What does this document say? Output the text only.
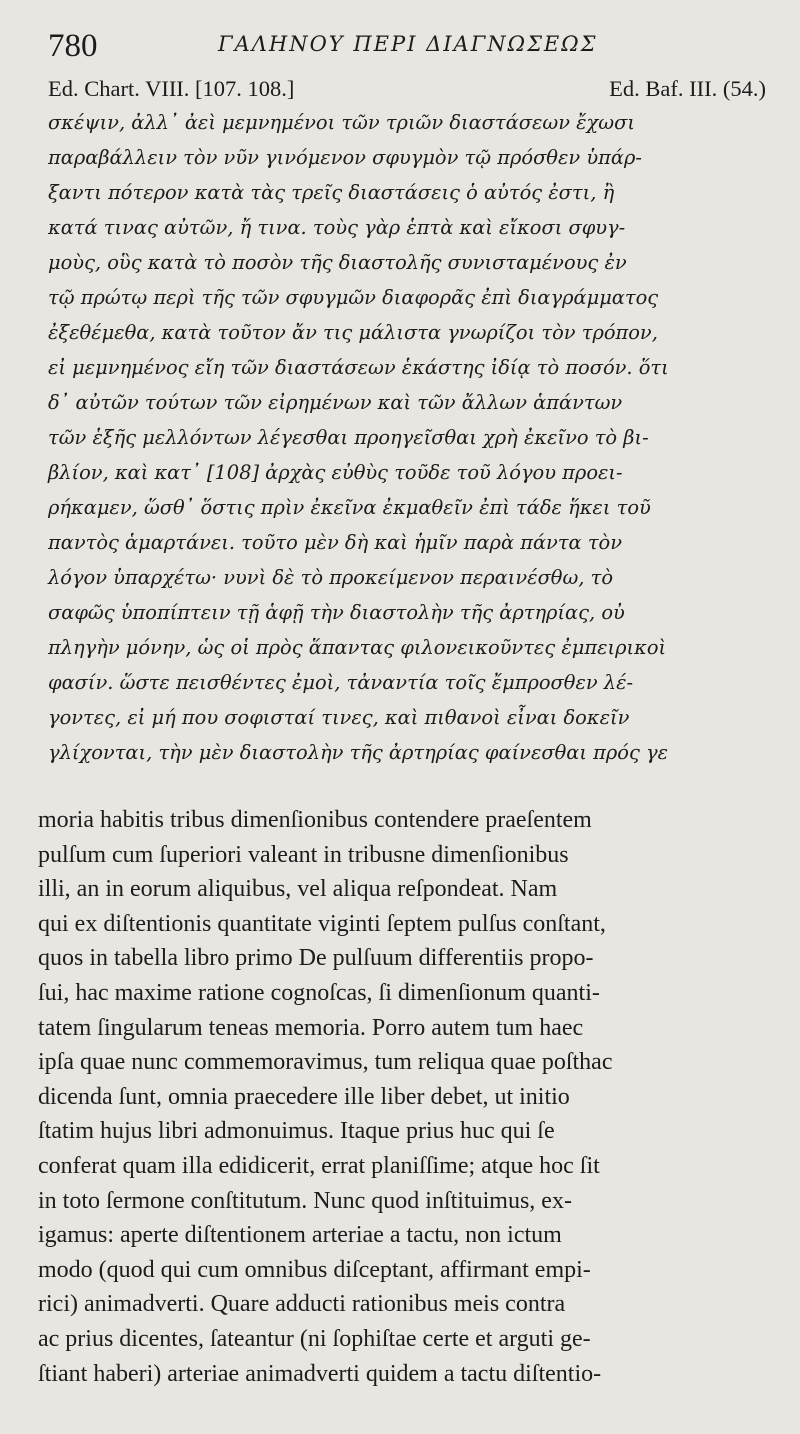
780	ΓΑΛΗΝΟΥ ΠΕΡΙ ΔΙΑΓΝΩΣΕΩΣ
Ed. Chart. VIII. [107. 108.]	Ed. Baf. III. (54.)
σκέψιν, ἀλλ᾽ ἀεὶ μεμνημένοι τῶν τριῶν διαστάσεων ἔχωσι
παραβάλλειν τὸν νῦν γινόμενον σφυγμὸν τῷ πρόσθεν ὑπάρ-
ξαντι πότερον κατὰ τὰς τρεῖς διαστάσεις ὁ αὐτός ἐστι, ἢ
κατά τινας αὐτῶν, ἤ τινα. τοὺς γὰρ ἑπτὰ καὶ εἴκοσι σφυγ-
μοὺς, οὓς κατὰ τὸ ποσὸν τῆς διαστολῆς συνισταμένους ἐν
τῷ πρώτῳ περὶ τῆς τῶν σφυγμῶν διαφορᾶς ἐπὶ διαγράμματος
ἐξεθέμεθα, κατὰ τοῦτον ἄν τις μάλιστα γνωρίζοι τὸν τρόπον,
εἰ μεμνημένος εἴη τῶν διαστάσεων ἑκάστης ἰδίᾳ τὸ ποσόν. ὅτι
δ᾽ αὐτῶν τούτων τῶν εἰρημένων καὶ τῶν ἄλλων ἁπάντων
τῶν ἑξῆς μελλόντων λέγεσθαι προηγεῖσθαι χρὴ ἐκεῖνο τὸ βι-
βλίον, καὶ κατ᾽ [108] ἀρχὰς εὐθὺς τοῦδε τοῦ λόγου προει-
ρήκαμεν, ὥσθ᾽ ὅστις πρὶν ἐκεῖνα ἐκμαθεῖν ἐπὶ τάδε ἥκει τοῦ
παντὸς ἁμαρτάνει. τοῦτο μὲν δὴ καὶ ἡμῖν παρὰ πάντα τὸν
λόγον ὑπαρχέτω· νυνὶ δὲ τὸ προκείμενον περαινέσθω, τὸ
σαφῶς ὑποπίπτειν τῇ ἁφῇ τὴν διαστολὴν τῆς ἀρτηρίας, οὐ
πληγὴν μόνην, ὡς οἱ πρὸς ἅπαντας φιλονεικοῦντες ἐμπειρικοὶ
φασίν. ὥστε πεισθέντες ἐμοὶ, τἀναντία τοῖς ἔμπροσθεν λέ-
γοντες, εἰ μή που σοφισταί τινες, καὶ πιθανοὶ εἶναι δοκεῖν
γλίχονται, τὴν μὲν διαστολὴν τῆς ἀρτηρίας φαίνεσθαι πρός γε
moria habitis tribus dimenſionibus contendere praeſentem
pulſum cum ſuperiori valeant in tribusne dimenſionibus
illi, an in eorum aliquibus, vel aliqua reſpondeat. Nam
qui ex diſtentionis quantitate viginti ſeptem pulſus conſtant,
quos in tabella libro primo De pulſuum differentiis propo-
ſui, hac maxime ratione cognoſcas, ſi dimenſionum quanti-
tatem ſingularum teneas memoria. Porro autem tum haec
ipſa quae nunc commemoravimus, tum reliqua quae poſthac
dicenda ſunt, omnia praecedere ille liber debet, ut initio
ſtatim hujus libri admonuimus. Itaque prius huc qui ſe
conferat quam illa edidicerit, errat planiſſime; atque hoc ſit
in toto ſermone conſtitutum. Nunc quod inſtituimus, ex-
igamus: aperte diſtentionem arteriae a tactu, non ictum
modo (quod qui cum omnibus diſceptant, affirmant empi-
rici) animadverti. Quare adducti rationibus meis contra
ac prius dicentes, ſateantur (ni ſophiſtae certe et arguti ge-
ſtiant haberi) arteriae animadverti quidem a tactu diſtentio-
